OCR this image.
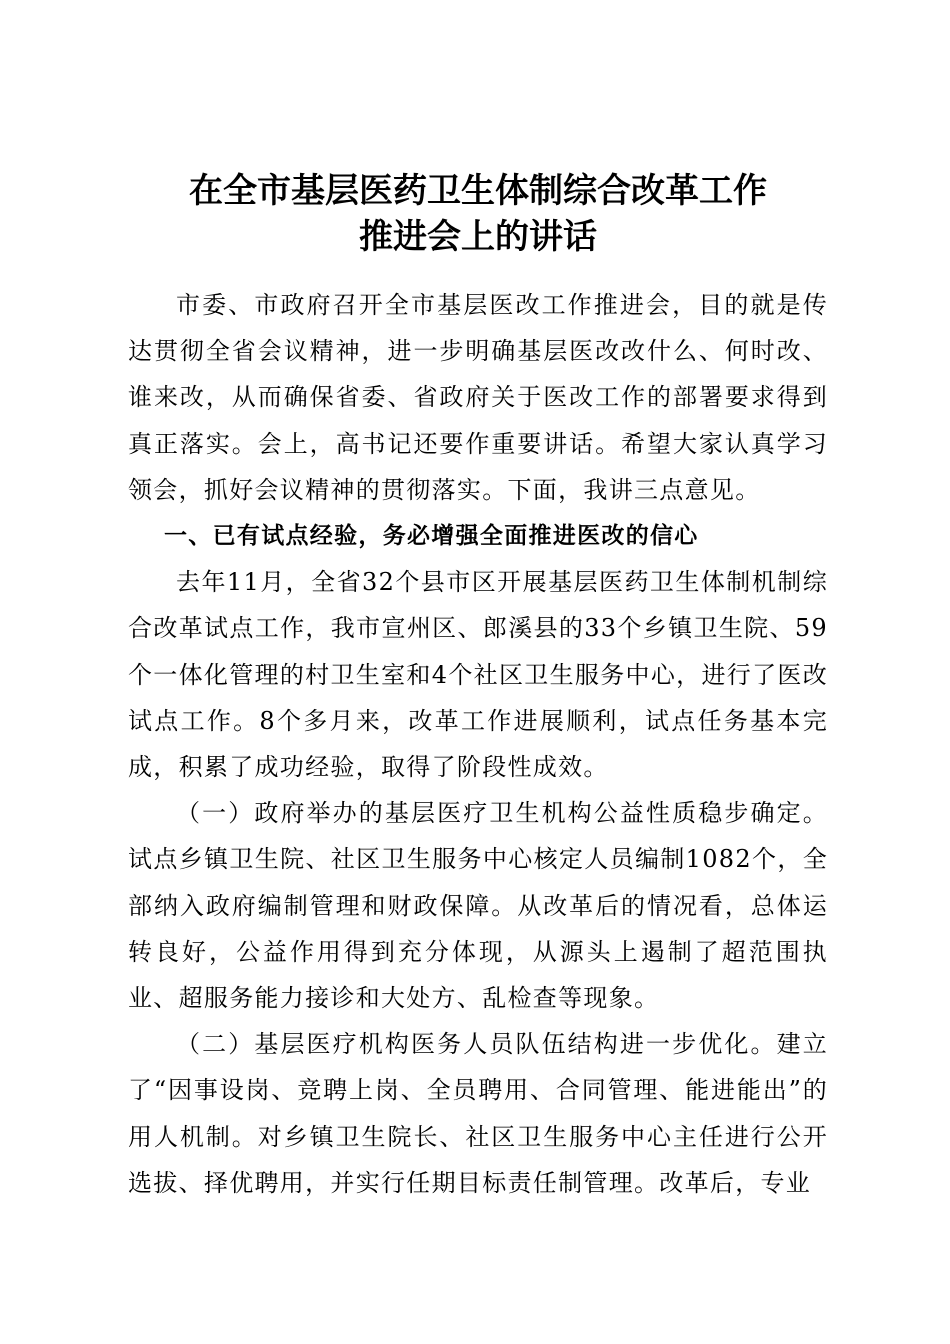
在全市基层医药卫生体制综合改革工作
推进会上的讲话

市委、市政府召开全市基层医改工作推进会，目的就是传达贯彻全省会议精神，进一步明确基层医改改什么、何时改、谁来改，从而确保省委、省政府关于医改工作的部署要求得到真正落实。会上，高书记还要作重要讲话。希望大家认真学习领会，抓好会议精神的贯彻落实。下面，我讲三点意见。

一、已有试点经验，务必增强全面推进医改的信心

去年11月，全省32个县市区开展基层医药卫生体制机制综合改革试点工作，我市宣州区、郎溪县的33个乡镇卫生院、59个一体化管理的村卫生室和4个社区卫生服务中心，进行了医改试点工作。8个多月来，改革工作进展顺利，试点任务基本完成，积累了成功经验，取得了阶段性成效。

（一）政府举办的基层医疗卫生机构公益性质稳步确定。试点乡镇卫生院、社区卫生服务中心核定人员编制1082个，全部纳入政府编制管理和财政保障。从改革后的情况看，总体运转良好，公益作用得到充分体现，从源头上遏制了超范围执业、超服务能力接诊和大处方、乱检查等现象。

（二）基层医疗机构医务人员队伍结构进一步优化。建立了“因事设岗、竞聘上岗、全员聘用、合同管理、能进能出”的用人机制。对乡镇卫生院长、社区卫生服务中心主任进行公开选拔、择优聘用，并实行任期目标责任制管理。改革后，专业
